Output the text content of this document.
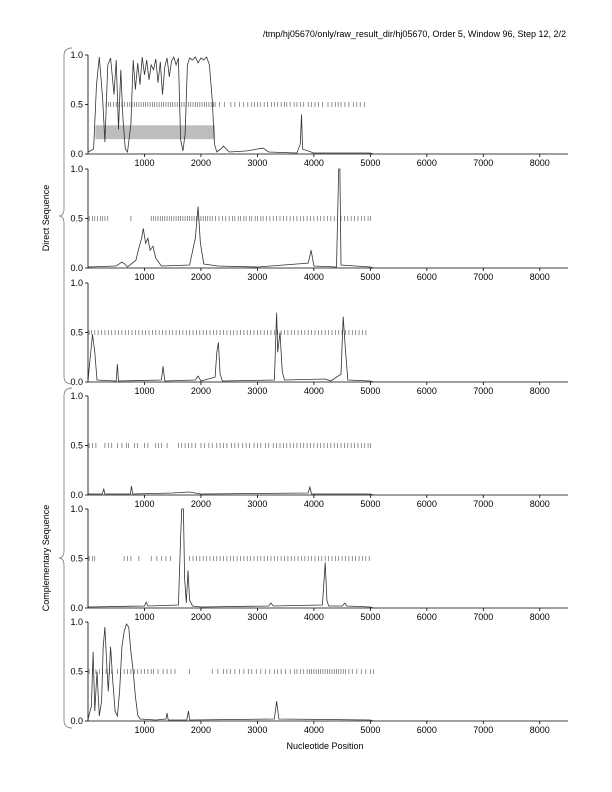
/tmp/hj05670/only/raw_result_dir/hj05670, Order 5, Window 96, Step 12, 2/2
0.0
0.5
1.0
1000	2000	3000	4000	5000	6000	7000	8000
0.0
0.5
1.0
1000	2000	3000	4000	5000	6000	7000	8000
0.0
0.5
1.0
1000	2000	3000	4000	5000	6000	7000	8000
0.0
0.5
1.0
1000	2000	3000	4000	5000	6000	7000	8000
0.0
0.5
1.0
1000	2000	3000	4000	5000	6000	7000	8000
0.0
0.5
1.0
1000	2000	3000	4000	5000	6000	7000	8000
Direct Sequence
Complementary Sequence
Nucleotide Position
